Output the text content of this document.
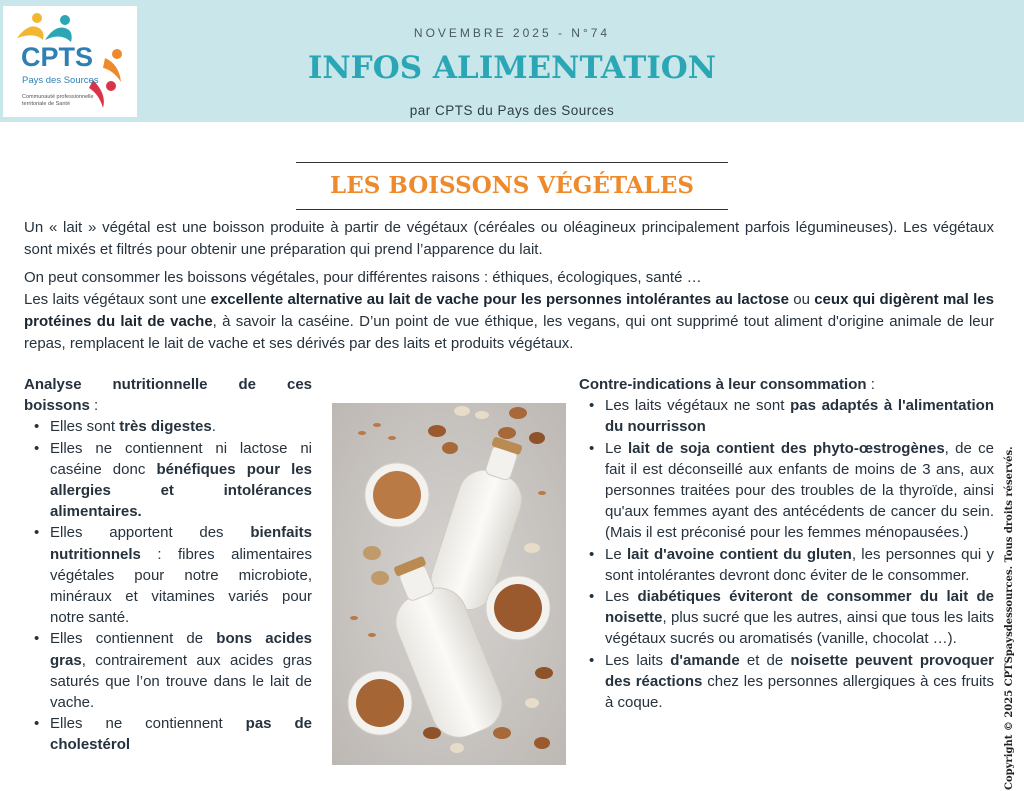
CPTS
Pays des Sources
Communauté professionnelle territoriale de Santé
NOVEMBRE 2025 - N°74
INFOS ALIMENTATION
par CPTS du Pays des Sources
LES BOISSONS VÉGÉTALES

Un « lait » végétal est une boisson produite à partir de végétaux (céréales ou oléagineux principalement parfois légumineuses). Les végétaux sont mixés et filtrés pour obtenir une préparation qui prend l’apparence du lait.

On peut consommer les boissons végétales, pour différentes raisons : éthiques, écologiques, santé …
Les laits végétaux sont une excellente alternative au lait de vache pour les personnes intolérantes au lactose ou ceux qui digèrent mal les protéines du lait de vache, à savoir la caséine. D’un point de vue éthique, les vegans, qui ont supprimé tout aliment d'origine animale de leur repas, remplacent le lait de vache et ses dérivés par des laits et produits végétaux.
Analyse nutritionnelle de ces
boissons :
• Elles sont très digestes.
• Elles ne contiennent ni lactose ni caséine donc bénéfiques pour les allergies et intolérances alimentaires.
• Elles apportent des bienfaits nutritionnels : fibres alimentaires végétales pour notre microbiote, minéraux et vitamines variés pour notre santé.
• Elles contiennent de bons acides gras, contrairement aux acides gras saturés que l’on trouve dans le lait de vache.
• Elles ne contiennent pas de cholestérol
Contre-indications à leur consommation :
• Les laits végétaux ne sont pas adaptés à l'alimentation du nourrisson
• Le lait de soja contient des phyto-œstrogènes, de ce fait il est déconseillé aux enfants de moins de 3 ans, aux personnes traitées pour des troubles de la thyroïde, ainsi qu'aux femmes ayant des antécédents de cancer du sein. (Mais il est préconisé pour les femmes ménopausées.)
• Le lait d'avoine contient du gluten, les personnes qui y sont intolérantes devront donc éviter de le consommer.
• Les diabétiques éviteront de consommer du lait de noisette, plus sucré que les autres, ainsi que tous les laits végétaux sucrés ou aromatisés (vanille, chocolat …).
• Les laits d'amande et de noisette peuvent provoquer des réactions chez les personnes allergiques à ces fruits à coque.	Copyright © 2025 CPTSpaysdessources. Tous droits réservés.
